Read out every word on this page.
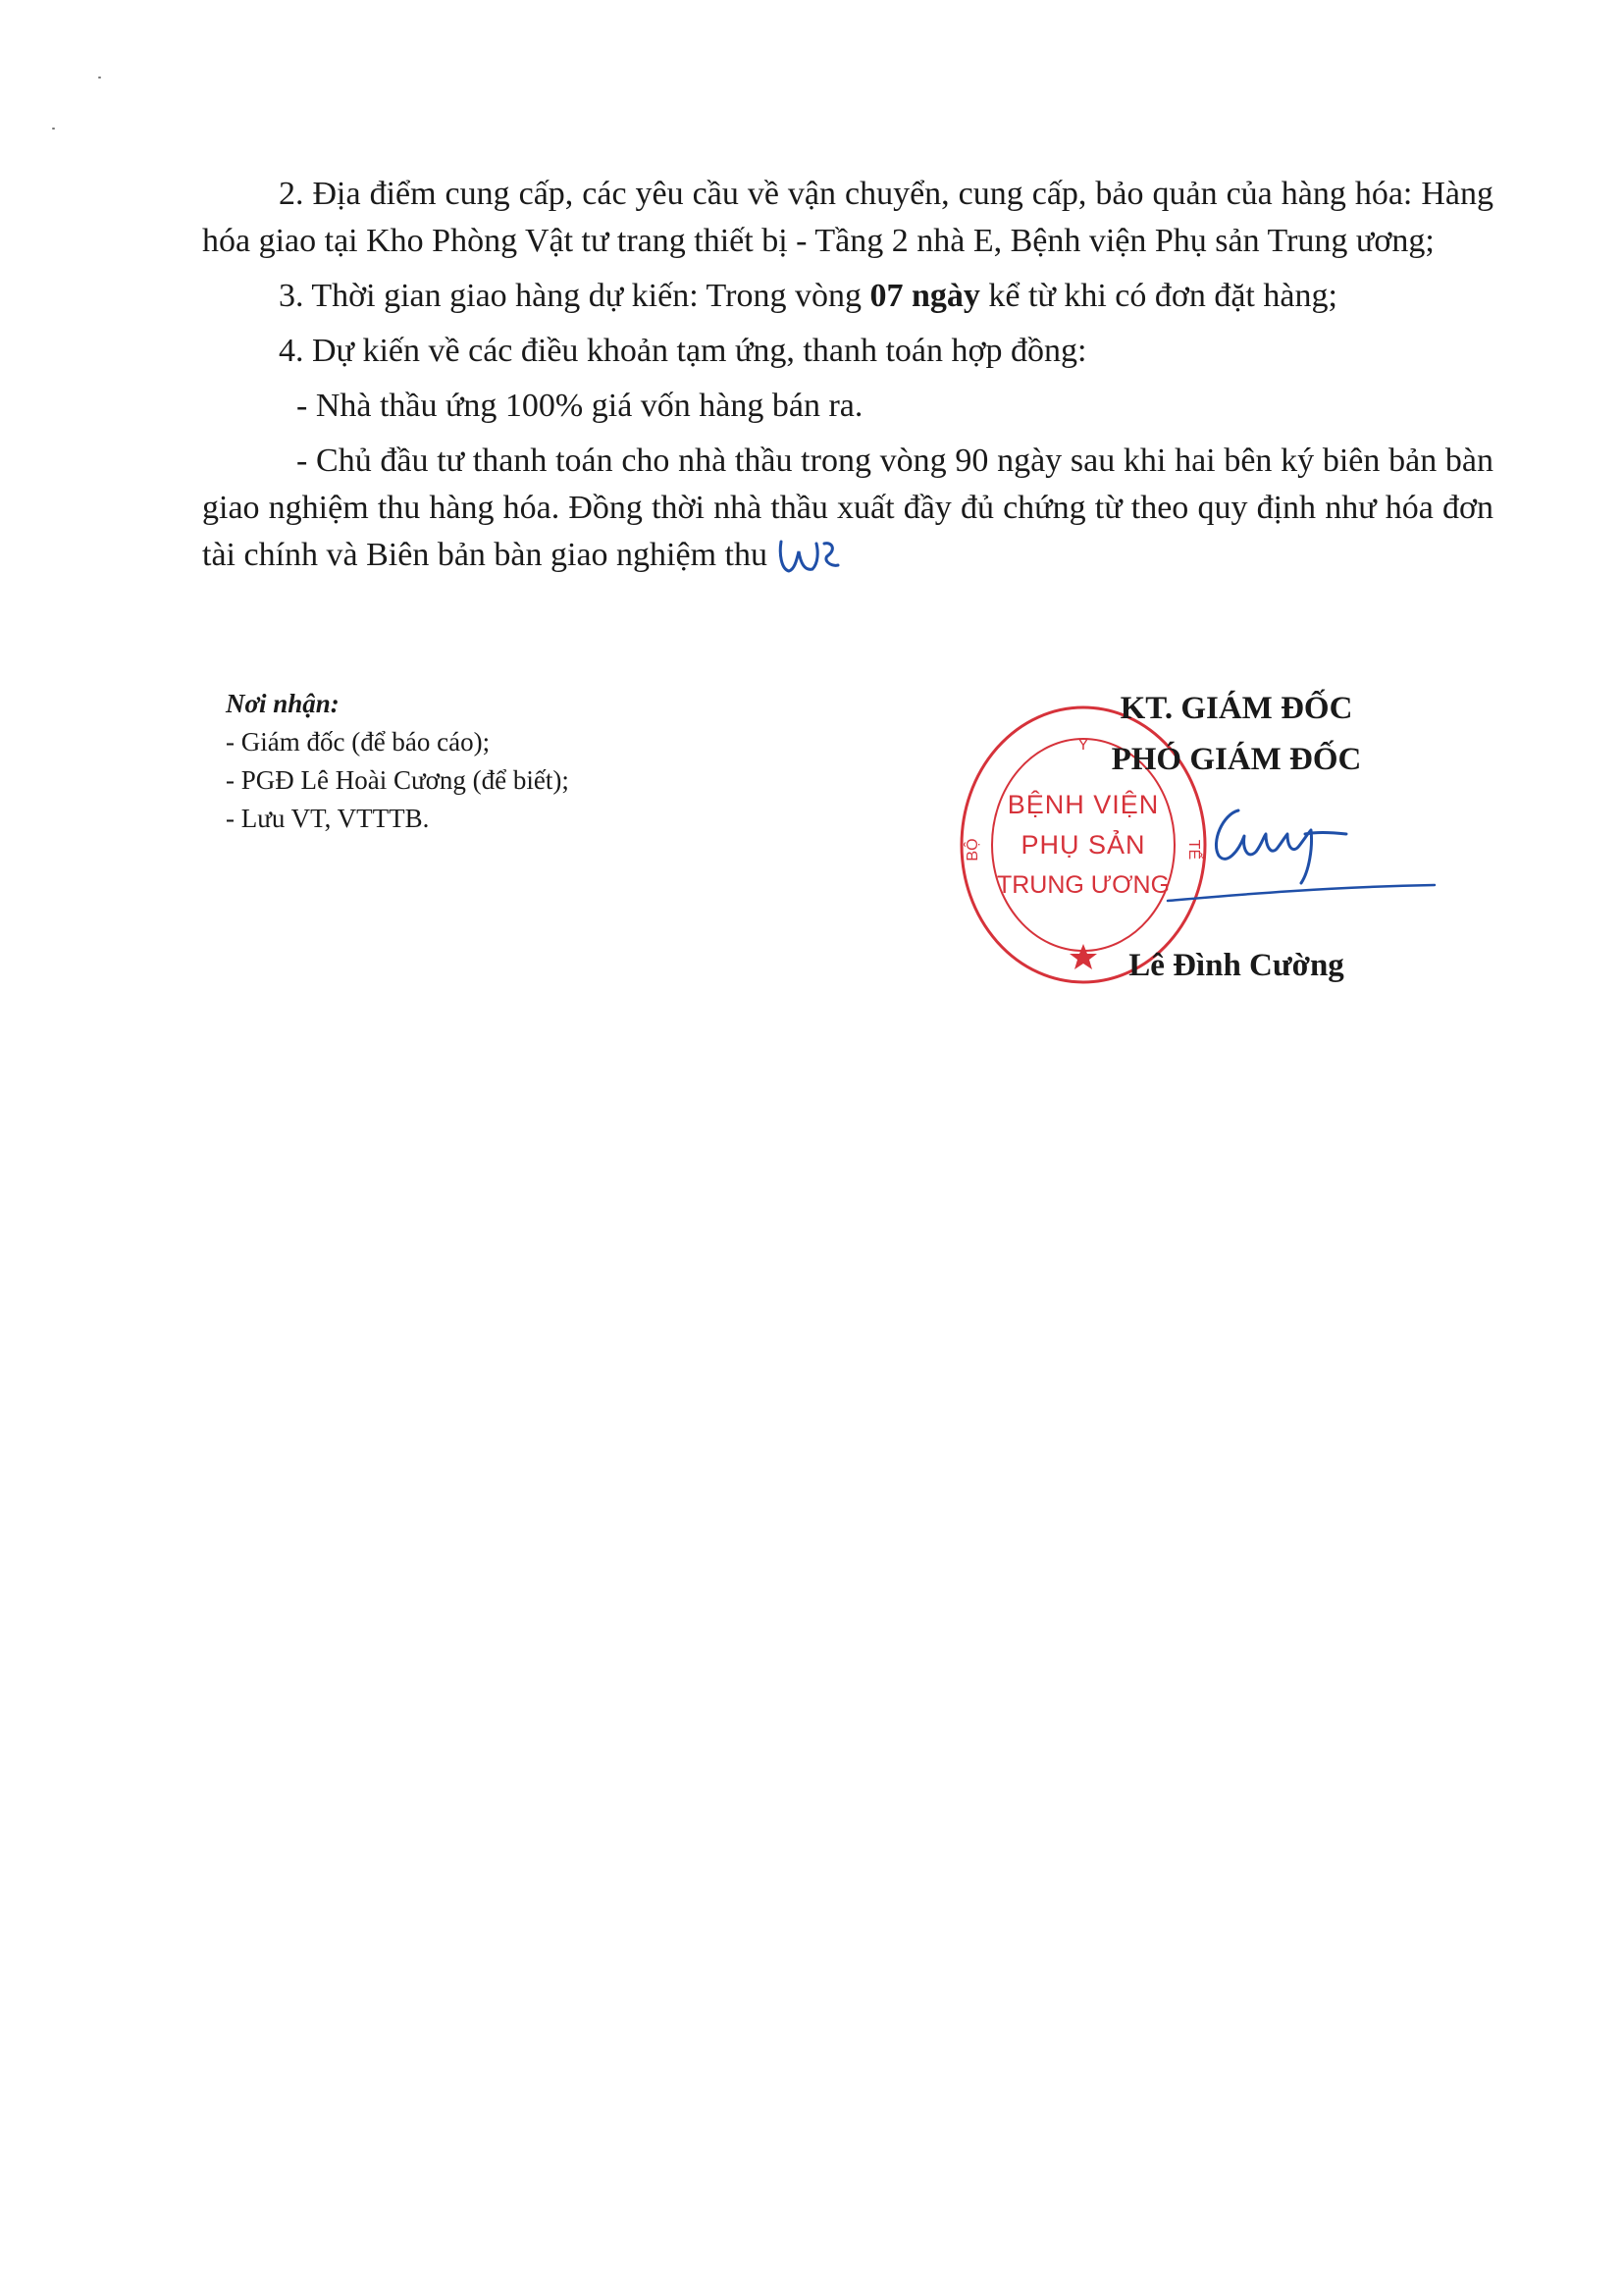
2. Địa điểm cung cấp, các yêu cầu về vận chuyển, cung cấp, bảo quản của hàng hóa: Hàng hóa giao tại Kho Phòng Vật tư trang thiết bị - Tầng 2 nhà E, Bệnh viện Phụ sản Trung ương;

3. Thời gian giao hàng dự kiến: Trong vòng 07 ngày kể từ khi có đơn đặt hàng;

4. Dự kiến về các điều khoản tạm ứng, thanh toán hợp đồng:

- Nhà thầu ứng 100% giá vốn hàng bán ra.

- Chủ đầu tư thanh toán cho nhà thầu trong vòng 90 ngày sau khi hai bên ký biên bản bàn giao nghiệm thu hàng hóa. Đồng thời nhà thầu xuất đầy đủ chứng từ theo quy định như hóa đơn tài chính và Biên bản bàn giao nghiệm thu

Nơi nhận:
- Giám đốc (để báo cáo);
- PGĐ Lê Hoài Cương (để biết);
- Lưu VT, VTTTB.
Y
BỘ	TẾ
BỆNH VIỆN
PHỤ SẢN
TRUNG ƯƠNG
KT. GIÁM ĐỐC
PHÓ GIÁM ĐỐC
Lê Đình Cường
